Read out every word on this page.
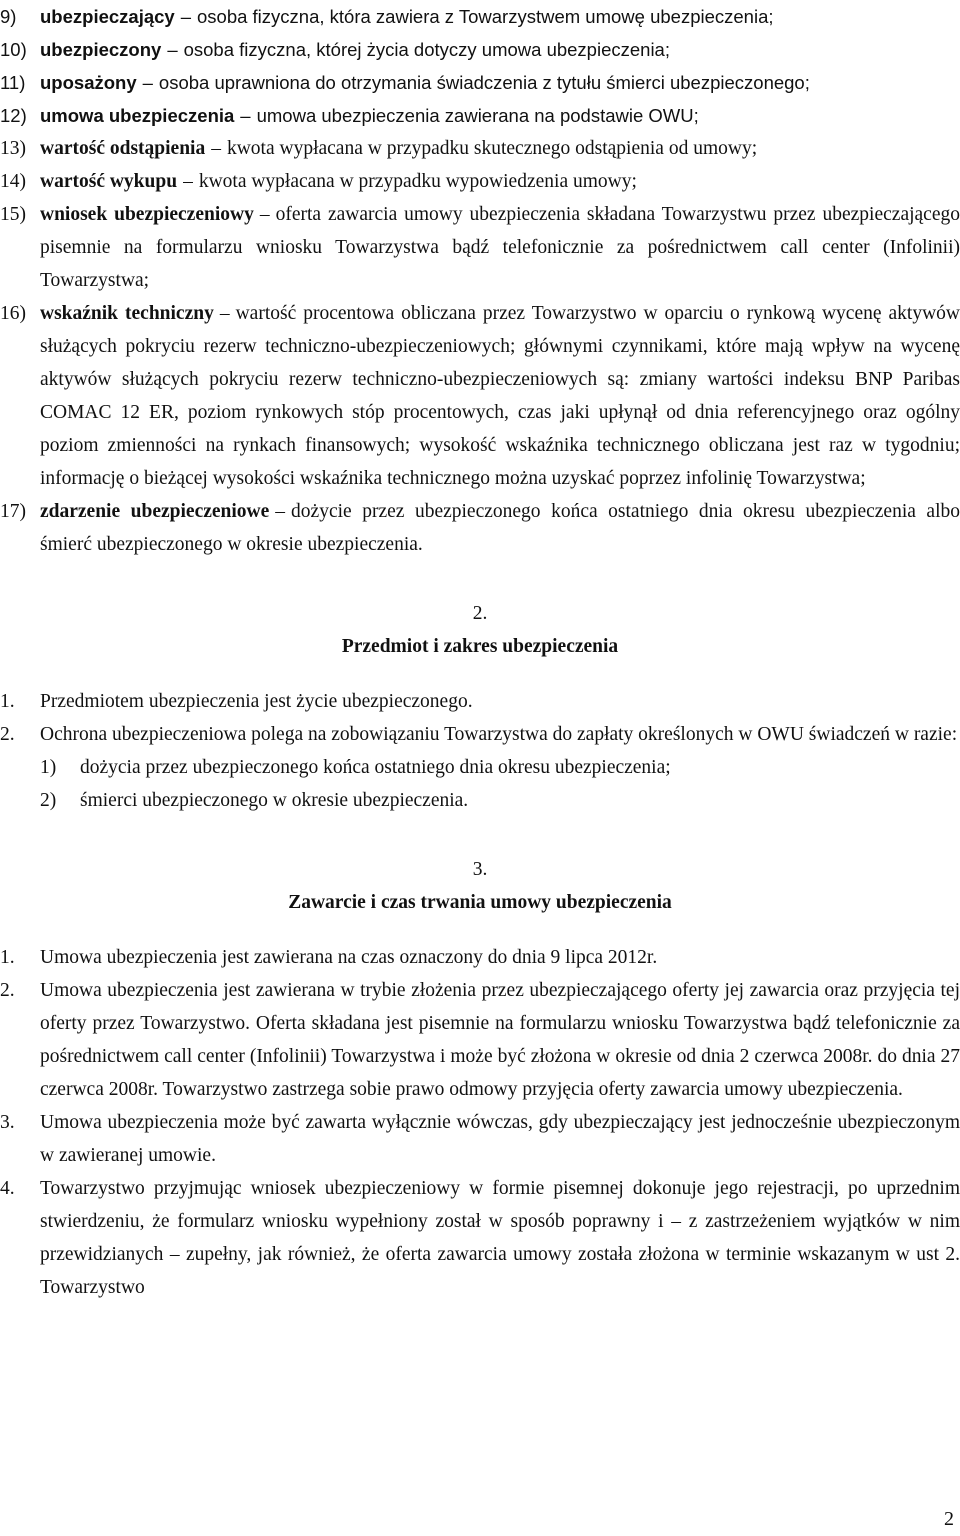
9)	ubezpieczający – osoba fizyczna, która zawiera z Towarzystwem umowę ubezpieczenia;
10) ubezpieczony – osoba fizyczna, której życia dotyczy umowa ubezpieczenia;
11) uposażony – osoba uprawniona do otrzymania świadczenia z tytułu śmierci ubezpieczonego;
12) umowa ubezpieczenia – umowa ubezpieczenia zawierana na podstawie OWU;
13) wartość odstąpienia – kwota wypłacana w przypadku skutecznego odstąpienia od umowy;
14) wartość wykupu – kwota wypłacana w przypadku wypowiedzenia umowy;
15) wniosek ubezpieczeniowy – oferta zawarcia umowy ubezpieczenia składana Towarzystwu przez ubezpieczającego pisemnie na formularzu wniosku Towarzystwa bądź telefonicznie za pośrednictwem call center (Infolinii) Towarzystwa;
16) wskaźnik techniczny – wartość procentowa obliczana przez Towarzystwo w oparciu o rynkową wycenę aktywów służących pokryciu rezerw techniczno-ubezpieczeniowych; głównymi czynnikami, które mają wpływ na wycenę aktywów służących pokryciu rezerw techniczno-ubezpieczeniowych są: zmiany wartości indeksu BNP Paribas COMAC 12 ER, poziom rynkowych stóp procentowych, czas jaki upłynął od dnia referencyjnego oraz ogólny poziom zmienności na rynkach finansowych; wysokość wskaźnika technicznego obliczana jest raz w tygodniu; informację o bieżącej wysokości wskaźnika technicznego można uzyskać poprzez infolinię Towarzystwa;
17) zdarzenie ubezpieczeniowe – dożycie przez ubezpieczonego końca ostatniego dnia okresu ubezpieczenia albo śmierć ubezpieczonego w okresie ubezpieczenia.
2.
Przedmiot i zakres ubezpieczenia
1.	Przedmiotem ubezpieczenia jest życie ubezpieczonego.
2.	Ochrona ubezpieczeniowa polega na zobowiązaniu Towarzystwa do zapłaty określonych w OWU świadczeń w razie:
1)	dożycia przez ubezpieczonego końca ostatniego dnia okresu ubezpieczenia;
2)	śmierci ubezpieczonego w okresie ubezpieczenia.
3.
Zawarcie i czas trwania umowy ubezpieczenia
1.	Umowa ubezpieczenia jest zawierana na czas oznaczony do dnia 9 lipca 2012r.
2.	Umowa ubezpieczenia jest zawierana w trybie złożenia przez ubezpieczającego oferty jej zawarcia oraz przyjęcia tej oferty przez Towarzystwo. Oferta składana jest pisemnie na formularzu wniosku Towarzystwa bądź telefonicznie za pośrednictwem call center (Infolinii) Towarzystwa i może być złożona w okresie od dnia 2 czerwca 2008r. do dnia 27 czerwca 2008r. Towarzystwo zastrzega sobie prawo odmowy przyjęcia oferty zawarcia umowy ubezpieczenia.
3.	Umowa ubezpieczenia może być zawarta wyłącznie wówczas, gdy ubezpieczający jest jednocześnie ubezpieczonym w zawieranej umowie.
4.	Towarzystwo przyjmując wniosek ubezpieczeniowy w formie pisemnej dokonuje jego rejestracji, po uprzednim stwierdzeniu, że formularz wniosku wypełniony został w sposób poprawny i – z zastrzeżeniem wyjątków w nim przewidzianych – zupełny, jak również, że oferta zawarcia umowy została złożona w terminie wskazanym w ust 2. Towarzystwo
2
